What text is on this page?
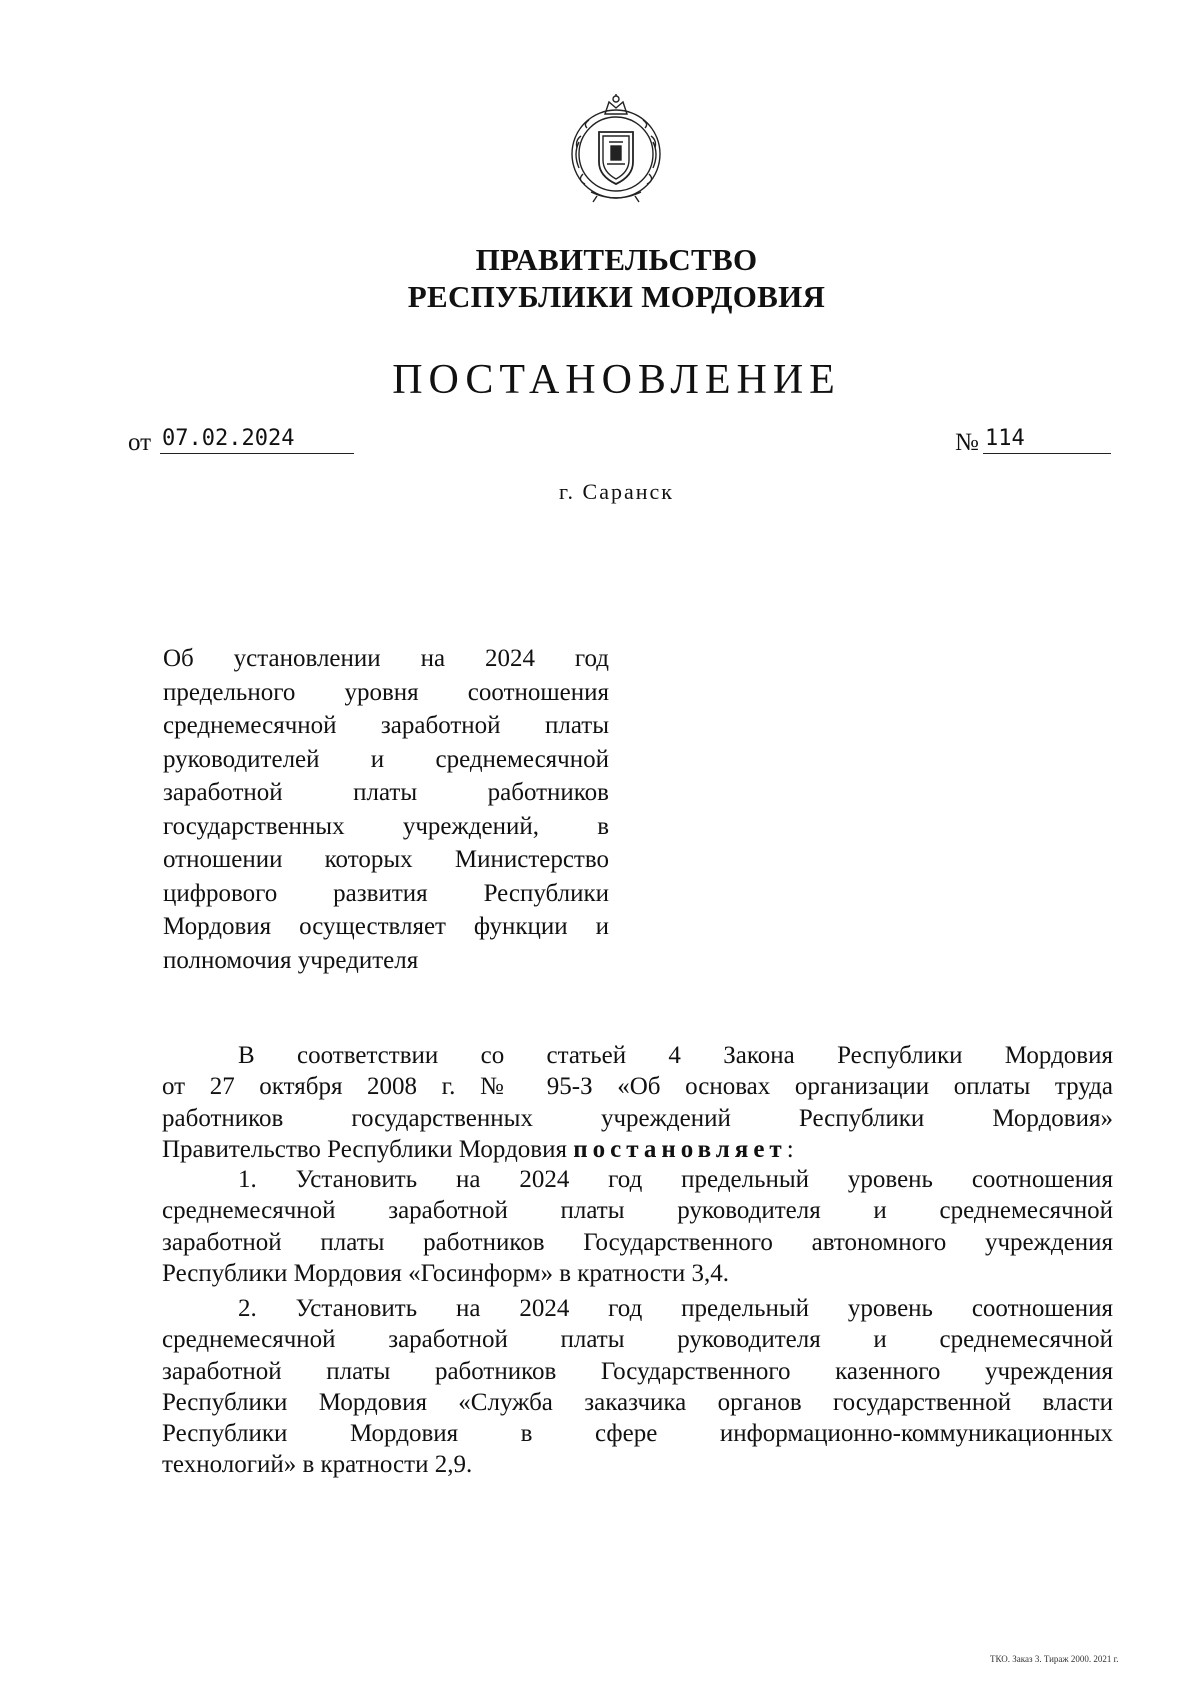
ПРАВИТЕЛЬСТВО
РЕСПУБЛИКИ МОРДОВИЯ
ПОСТАНОВЛЕНИЕ
от 07.02.2024	№ 114
г. Саранск
Об установлении на 2024 год
предельного уровня соотношения
среднемесячной заработной платы
руководителей и среднемесячной
заработной платы работников
государственных учреждений, в
отношении которых Министерство
цифрового развития Республики
Мордовия осуществляет функции и
полномочия учредителя
В соответствии со статьей 4 Закона Республики Мордовия
от 27 октября 2008 г. № 95-З «Об основах организации оплаты труда
работников государственных учреждений Республики Мордовия»
Правительство Республики Мордовия постановляет:
1. Установить на 2024 год предельный уровень соотношения
среднемесячной заработной платы руководителя и среднемесячной
заработной платы работников Государственного автономного учреждения
Республики Мордовия «Госинформ» в кратности 3,4.
2. Установить на 2024 год предельный уровень соотношения
среднемесячной заработной платы руководителя и среднемесячной
заработной платы работников Государственного казенного учреждения
Республики Мордовия «Служба заказчика органов государственной власти
Республики Мордовия в сфере информационно-коммуникационных
технологий» в кратности 2,9.
ТКО. Заказ 3. Тираж 2000. 2021 г.
